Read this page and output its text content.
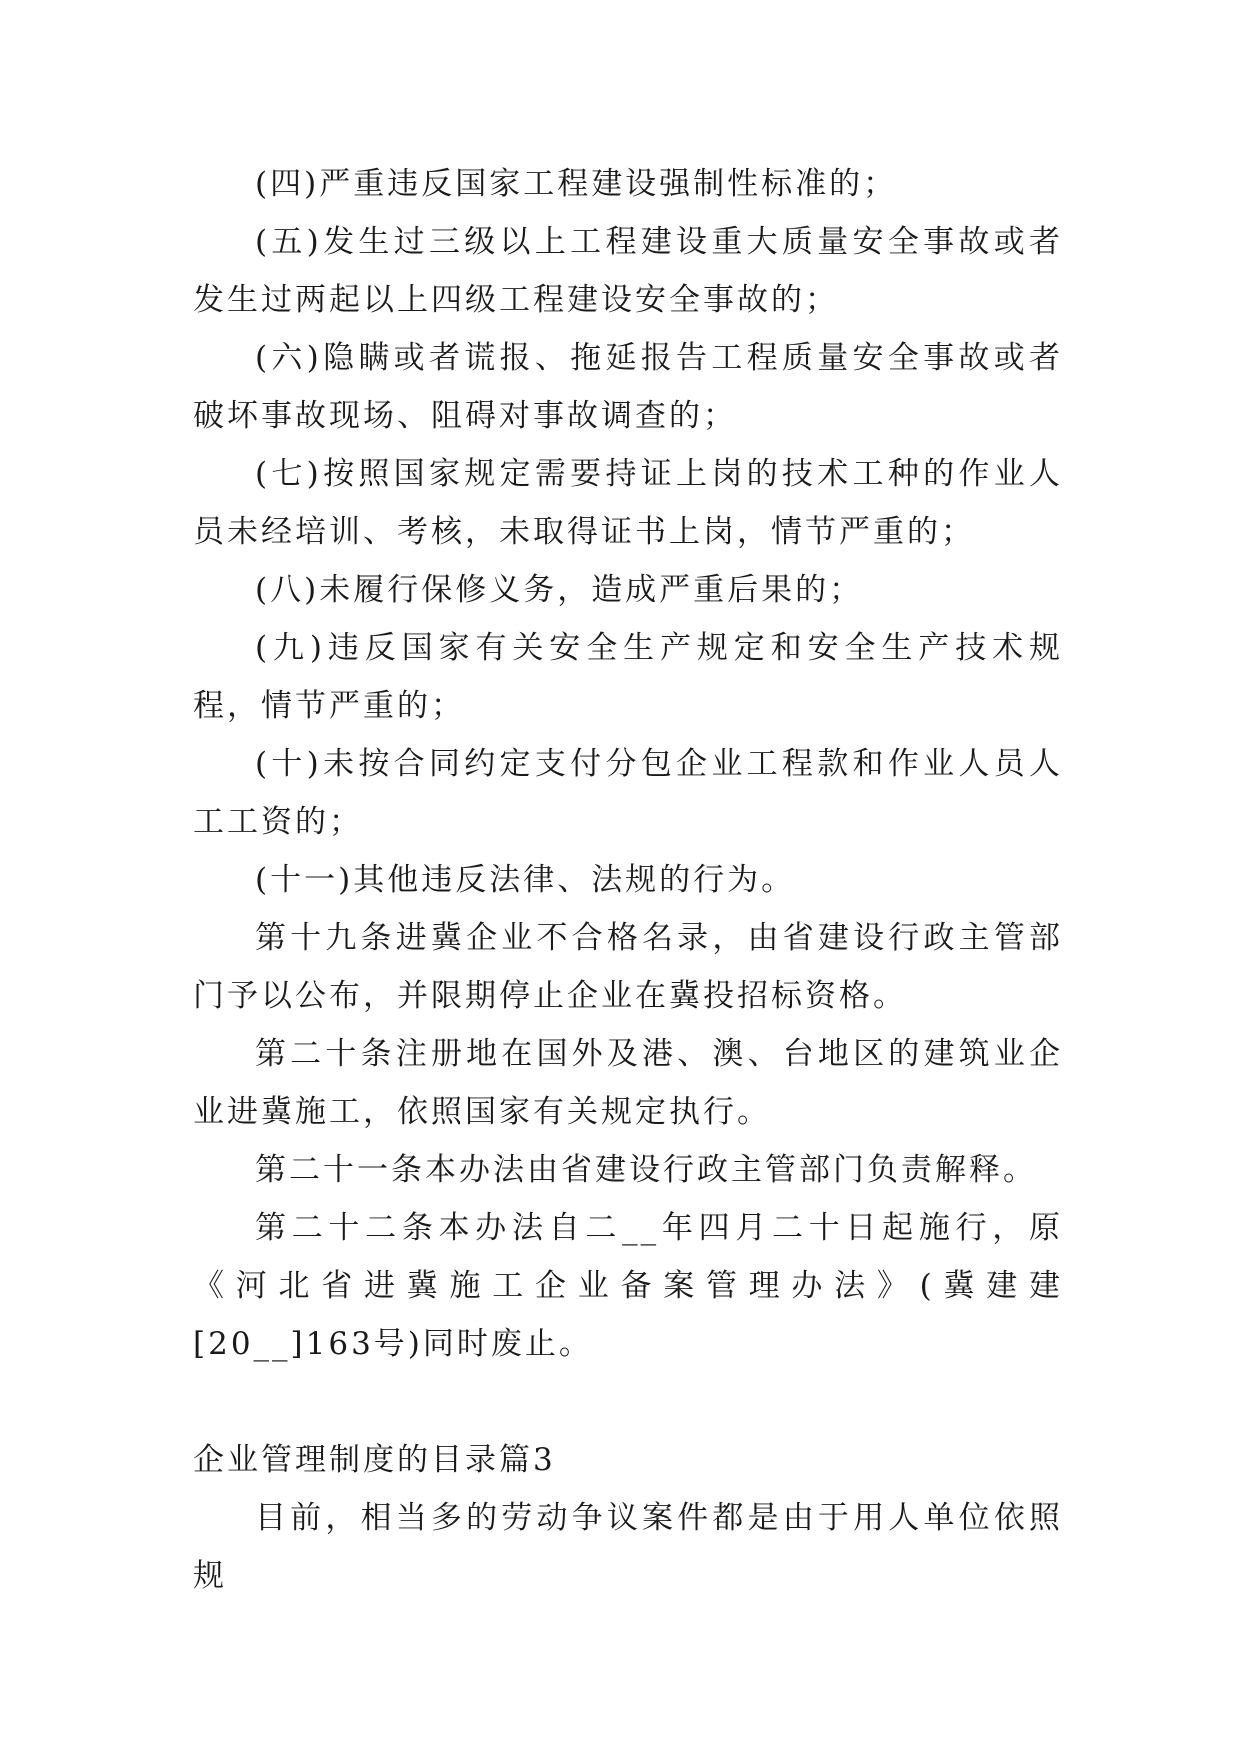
(四)严重违反国家工程建设强制性标准的；

(五)发生过三级以上工程建设重大质量安全事故或者发生过两起以上四级工程建设安全事故的；

(六)隐瞒或者谎报、拖延报告工程质量安全事故或者破坏事故现场、阻碍对事故调查的；

(七)按照国家规定需要持证上岗的技术工种的作业人员未经培训、考核，未取得证书上岗，情节严重的；

(八)未履行保修义务，造成严重后果的；

(九)违反国家有关安全生产规定和安全生产技术规程，情节严重的；

(十)未按合同约定支付分包企业工程款和作业人员人工工资的；

(十一)其他违反法律、法规的行为。

第十九条进冀企业不合格名录，由省建设行政主管部门予以公布，并限期停止企业在冀投招标资格。

第二十条注册地在国外及港、澳、台地区的建筑业企业进冀施工，依照国家有关规定执行。

第二十一条本办法由省建设行政主管部门负责解释。

第二十二条本办法自二__年四月二十日起施行，原《河北省进冀施工企业备案管理办法》(冀建建[20__]163号)同时废止。

企业管理制度的目录篇3

目前，相当多的劳动争议案件都是由于用人单位依照规
